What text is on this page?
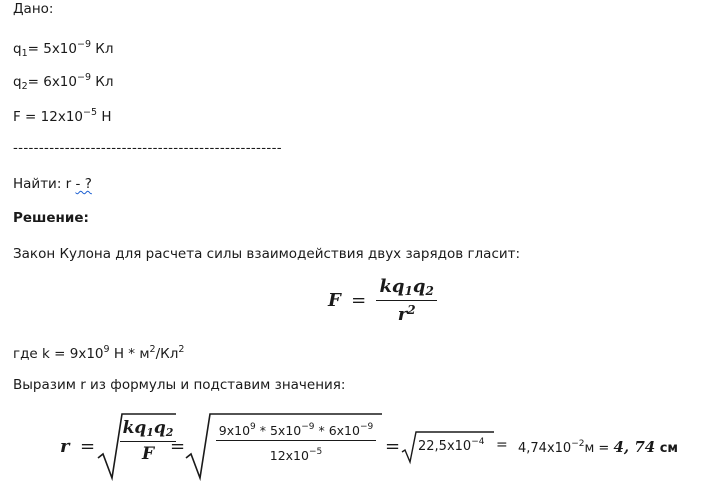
Дано:
$q_1= 5x10^{-9}$ Кл
$q_2= 6x10^{-9}$ Кл
$F = 12x10^{-5}$ Н
----------------------------------------------------
Найти: r - ?
Решение:
Закон Кулона для расчета силы взаимодействия двух зарядов гласит:
$F = \frac{kq1q2}{r^2}$
где $k = 9x10^9$ Н * $м^2/Кл^2$
Выразим r из формулы и подставим значения:
$r = \frac{kq1q2}{F}$
= $\frac{9x10^9 * 5x10^{-9} * 6x10^{-9}}{12x10^{-5}} = 22,5x10^{-4} = 4,74x10^{-2}м = 4$, 74 см
